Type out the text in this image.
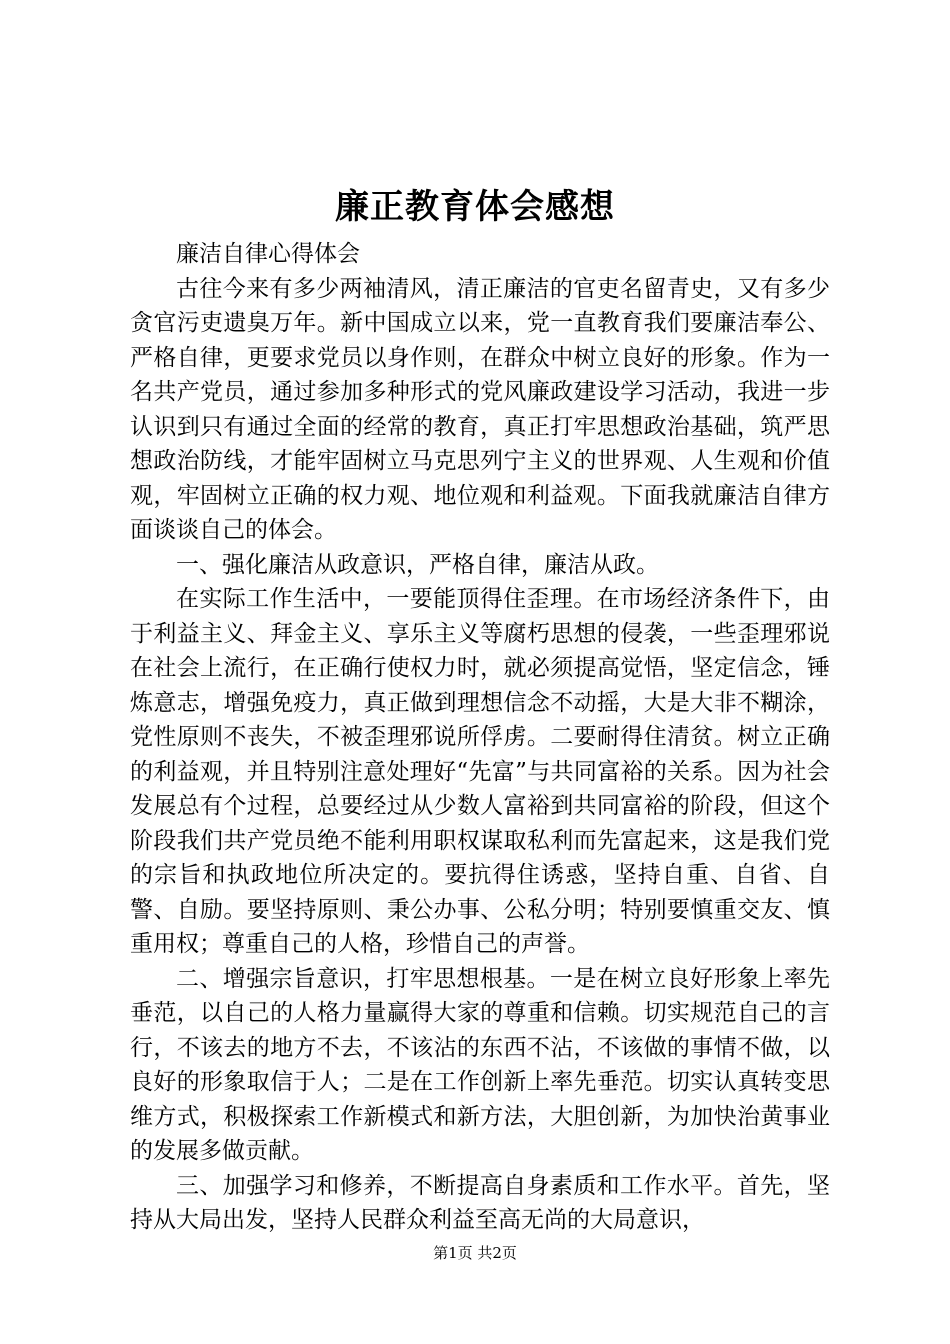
廉正教育体会感想

廉洁自律心得体会

古往今来有多少两袖清风，清正廉洁的官吏名留青史，又有多少贪官污吏遗臭万年。新中国成立以来，党一直教育我们要廉洁奉公、严格自律，更要求党员以身作则，在群众中树立良好的形象。作为一名共产党员，通过参加多种形式的党风廉政建设学习活动，我进一步认识到只有通过全面的经常的教育，真正打牢思想政治基础，筑严思想政治防线，才能牢固树立马克思列宁主义的世界观、人生观和价值观，牢固树立正确的权力观、地位观和利益观。下面我就廉洁自律方面谈谈自己的体会。

一、强化廉洁从政意识，严格自律，廉洁从政。

在实际工作生活中，一要能顶得住歪理。在市场经济条件下，由于利益主义、拜金主义、享乐主义等腐朽思想的侵袭，一些歪理邪说在社会上流行，在正确行使权力时，就必须提高觉悟，坚定信念，锤炼意志，增强免疫力，真正做到理想信念不动摇，大是大非不糊涂，党性原则不丧失，不被歪理邪说所俘虏。二要耐得住清贫。树立正确的利益观，并且特别注意处理好“先富”与共同富裕的关系。因为社会发展总有个过程，总要经过从少数人富裕到共同富裕的阶段，但这个阶段我们共产党员绝不能利用职权谋取私利而先富起来，这是我们党的宗旨和执政地位所决定的。要抗得住诱惑，坚持自重、自省、自警、自励。要坚持原则、秉公办事、公私分明；特别要慎重交友、慎重用权；尊重自己的人格，珍惜自己的声誉。

二、增强宗旨意识，打牢思想根基。一是在树立良好形象上率先垂范，以自己的人格力量赢得大家的尊重和信赖。切实规范自己的言行，不该去的地方不去，不该沾的东西不沾，不该做的事情不做，以良好的形象取信于人；二是在工作创新上率先垂范。切实认真转变思维方式，积极探索工作新模式和新方法，大胆创新，为加快治黄事业的发展多做贡献。

三、加强学习和修养，不断提高自身素质和工作水平。首先，坚持从大局出发，坚持人民群众利益至高无尚的大局意识，

第1页 共2页
